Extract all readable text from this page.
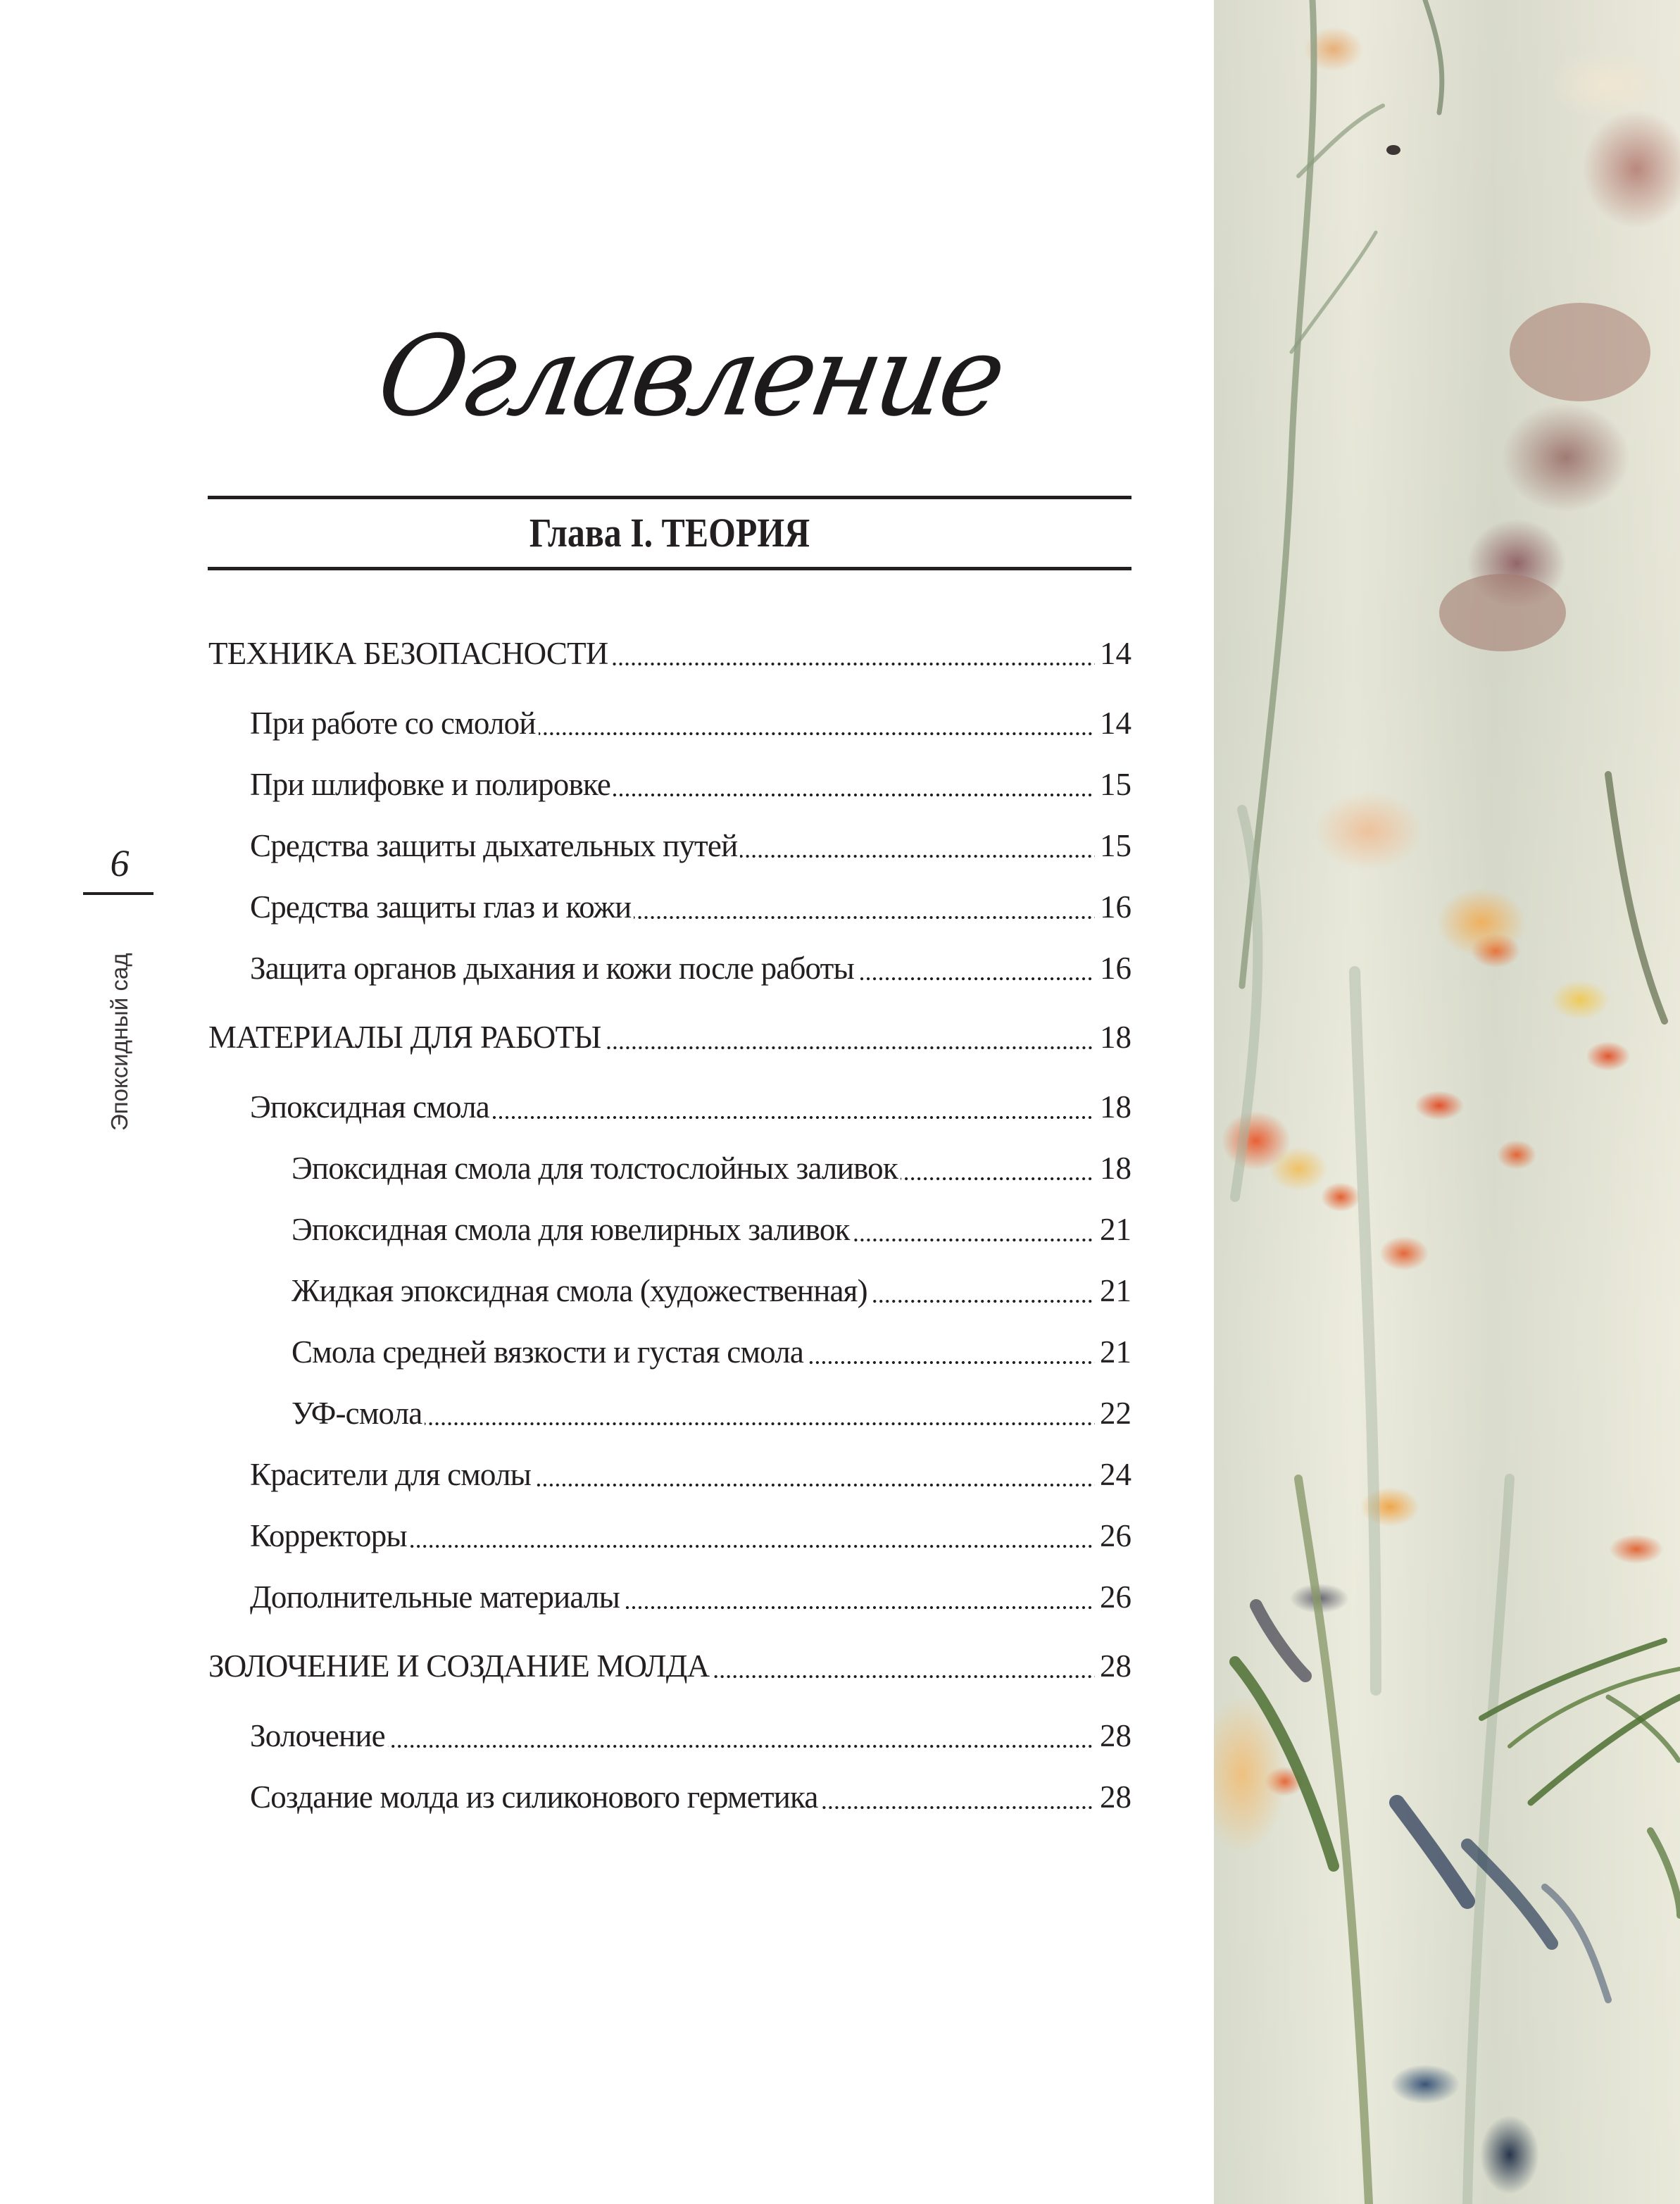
6
Эпоксидный сад
Оглавление
Глава I. ТЕОРИЯ
ТЕХНИКА БЕЗОПАСНОСТИ	14
При работе со смолой	14
При шлифовке и полировке	15
Средства защиты дыхательных путей	15
Средства защиты глаз и кожи	16
Защита органов дыхания и кожи после работы	16
МАТЕРИАЛЫ ДЛЯ РАБОТЫ	18
Эпоксидная смола	18
Эпоксидная смола для толстослойных заливок	18
Эпоксидная смола для ювелирных заливок	21
Жидкая эпоксидная смола (художественная)	21
Смола средней вязкости и густая смола	21
УФ-смола	22
Красители для смолы	24
Корректоры	26
Дополнительные материалы	26
ЗОЛОЧЕНИЕ И СОЗДАНИЕ МОЛДА	28
Золочение	28
Создание молда из силиконового герметика	28
